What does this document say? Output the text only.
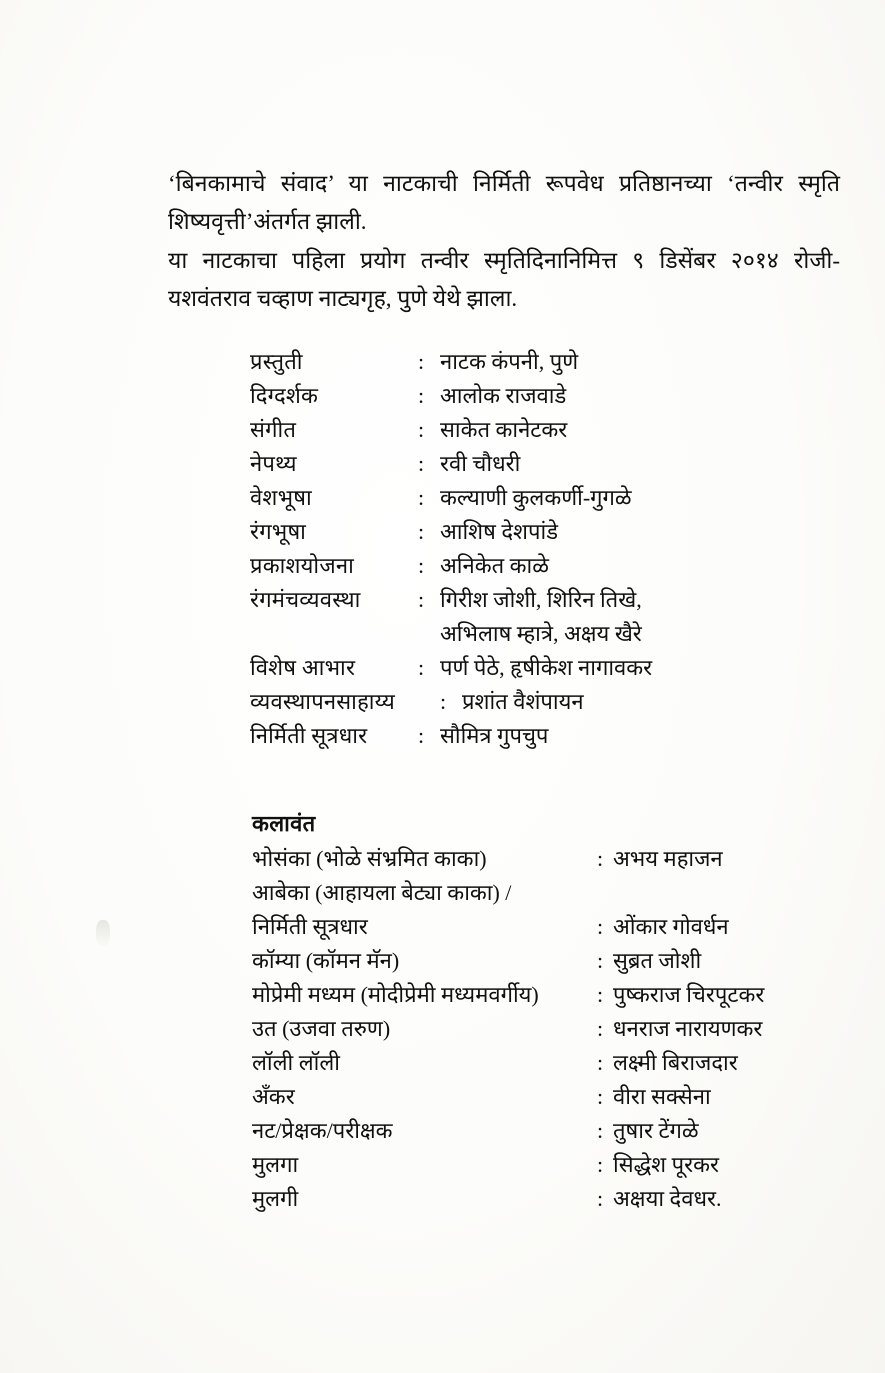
‘बिनकामाचे संवाद’ या नाटकाची निर्मिती रूपवेध प्रतिष्ठानच्या ‘तन्वीर स्मृति शिष्यवृत्ती’अंतर्गत झाली.

या नाटकाचा पहिला प्रयोग तन्वीर स्मृतिदिनानिमित्त ९ डिसेंबर २०१४ रोजी- यशवंतराव चव्हाण नाट्यगृह, पुणे येथे झाला.

प्रस्तुती	: नाटक कंपनी, पुणे
दिग्दर्शक	: आलोक राजवाडे
संगीत	: साकेत कानेटकर
नेपथ्य	: रवी चौधरी
वेशभूषा	: कल्याणी कुलकर्णी-गुगळे
रंगभूषा	: आशिष देशपांडे
प्रकाशयोजना	: अनिकेत काळे
रंगमंचव्यवस्था	: गिरीश जोशी, शिरिन तिखे,
अभिलाष म्हात्रे, अक्षय खैरे
विशेष आभार	: पर्ण पेठे, हृषीकेश नागावकर
व्यवस्थापनसाहाय्य	: प्रशांत वैशंपायन
निर्मिती सूत्रधार	: सौमित्र गुपचुप
कलावंत
भोसंका (भोळे संभ्रमित काका)	: अभय महाजन
आबेका (आहायला बेट्या काका) /
निर्मिती सूत्रधार	: ओंकार गोवर्धन
कॉम्या (कॉमन मॅन)	: सुब्रत जोशी
मोप्रेमी मध्यम (मोदीप्रेमी मध्यमवर्गीय)	: पुष्कराज चिरपूटकर
उत (उजवा तरुण)	: धनराज नारायणकर
लॉली लॉली	: लक्ष्मी बिराजदार
अँकर	: वीरा सक्सेना
नट/प्रेक्षक/परीक्षक	: तुषार टेंगळे
मुलगा	: सिद्धेश पूरकर
मुलगी	: अक्षया देवधर.
